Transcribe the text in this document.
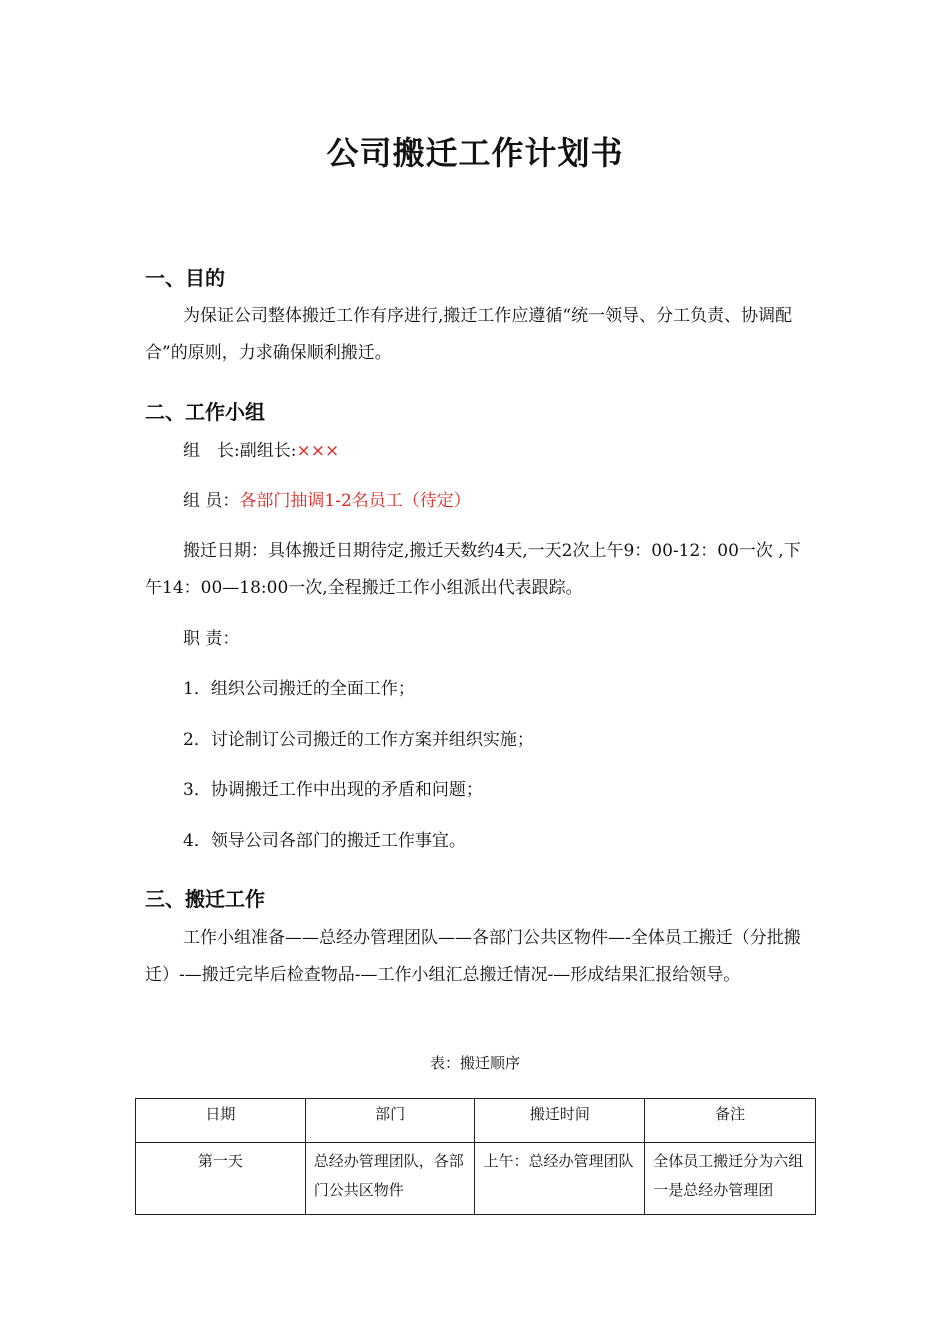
公司搬迁工作计划书
一、目的
为保证公司整体搬迁工作有序进行,搬迁工作应遵循“统一领导、分工负责、协调配合”的原则，力求确保顺利搬迁。
二、工作小组
组　长:副组长:×××
组 员：各部门抽调1-2名员工（待定）
搬迁日期：具体搬迁日期待定,搬迁天数约4天,一天2次上午9：00-12：00一次 ,下午14：00—18:00一次,全程搬迁工作小组派出代表跟踪。
职 责：
1．组织公司搬迁的全面工作；
2．讨论制订公司搬迁的工作方案并组织实施；
3．协调搬迁工作中出现的矛盾和问题；
4．领导公司各部门的搬迁工作事宜。
三、搬迁工作
工作小组准备——总经办管理团队——各部门公共区物件—-全体员工搬迁（分批搬迁）-—搬迁完毕后检查物品-—工作小组汇总搬迁情况-—形成结果汇报给领导。
表：搬迁顺序
日期	部门	搬迁时间	备注
第一天	总经办管理团队，各部门公共区物件	上午：总经办管理团队	全体员工搬迁分为六组一是总经办管理团
